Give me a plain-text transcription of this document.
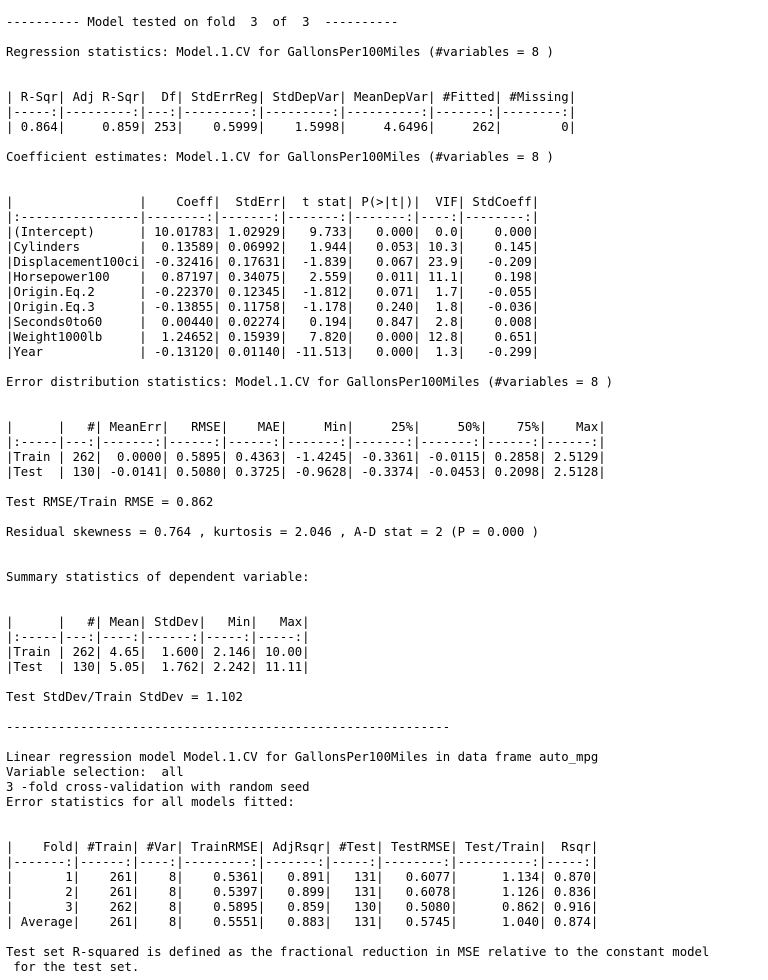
---------- Model tested on fold  3  of  3  ----------
Regression statistics: Model.1.CV for GallonsPer100Miles (#variables = 8 )
| R-Sqr| Adj R-Sqr|  Df| StdErrReg| StdDepVar| MeanDepVar| #Fitted| #Missing|
|-----:|---------:|---:|---------:|---------:|----------:|-------:|--------:|
| 0.864|     0.859| 253|    0.5999|    1.5998|     4.6496|     262|        0|
Coefficient estimates: Model.1.CV for GallonsPer100Miles (#variables = 8 )
|                 |    Coeff|  StdErr|  t stat| P(>|t|)|  VIF| StdCoeff|
|:----------------|--------:|-------:|-------:|-------:|----:|--------:|
|(Intercept)      | 10.01783| 1.02929|   9.733|   0.000|  0.0|    0.000|
|Cylinders        |  0.13589| 0.06992|   1.944|   0.053| 10.3|    0.145|
|Displacement100ci| -0.32416| 0.17631|  -1.839|   0.067| 23.9|   -0.209|
|Horsepower100    |  0.87197| 0.34075|   2.559|   0.011| 11.1|    0.198|
|Origin.Eq.2      | -0.22370| 0.12345|  -1.812|   0.071|  1.7|   -0.055|
|Origin.Eq.3      | -0.13855| 0.11758|  -1.178|   0.240|  1.8|   -0.036|
|Seconds0to60     |  0.00440| 0.02274|   0.194|   0.847|  2.8|    0.008|
|Weight1000lb     |  1.24652| 0.15939|   7.820|   0.000| 12.8|    0.651|
|Year             | -0.13120| 0.01140| -11.513|   0.000|  1.3|   -0.299|
Error distribution statistics: Model.1.CV for GallonsPer100Miles (#variables = 8 )
|      |   #| MeanErr|   RMSE|    MAE|     Min|     25%|     50%|    75%|    Max|
|:-----|---:|-------:|------:|------:|-------:|-------:|-------:|------:|------:|
|Train | 262|  0.0000| 0.5895| 0.4363| -1.4245| -0.3361| -0.0115| 0.2858| 2.5129|
|Test  | 130| -0.0141| 0.5080| 0.3725| -0.9628| -0.3374| -0.0453| 0.2098| 2.5128|
Test RMSE/Train RMSE = 0.862
Residual skewness = 0.764 , kurtosis = 2.046 , A-D stat = 2 (P = 0.000 )
Summary statistics of dependent variable:
|      |   #| Mean| StdDev|   Min|   Max|
|:-----|---:|----:|------:|-----:|-----:|
|Train | 262| 4.65|  1.600| 2.146| 10.00|
|Test  | 130| 5.05|  1.762| 2.242| 11.11|
Test StdDev/Train StdDev = 1.102
------------------------------------------------------------
Linear regression model Model.1.CV for GallonsPer100Miles in data frame auto_mpg
Variable selection:  all
3 -fold cross-validation with random seed
Error statistics for all models fitted:
|    Fold| #Train| #Var| TrainRMSE| AdjRsqr| #Test| TestRMSE| Test/Train|  Rsqr|
|-------:|------:|----:|---------:|-------:|-----:|--------:|----------:|-----:|
|       1|    261|    8|    0.5361|   0.891|   131|   0.6077|      1.134| 0.870|
|       2|    261|    8|    0.5397|   0.899|   131|   0.6078|      1.126| 0.836|
|       3|    262|    8|    0.5895|   0.859|   130|   0.5080|      0.862| 0.916|
| Average|    261|    8|    0.5551|   0.883|   131|   0.5745|      1.040| 0.874|
Test set R-squared is defined as the fractional reduction in MSE relative to the constant model
for the test set.
